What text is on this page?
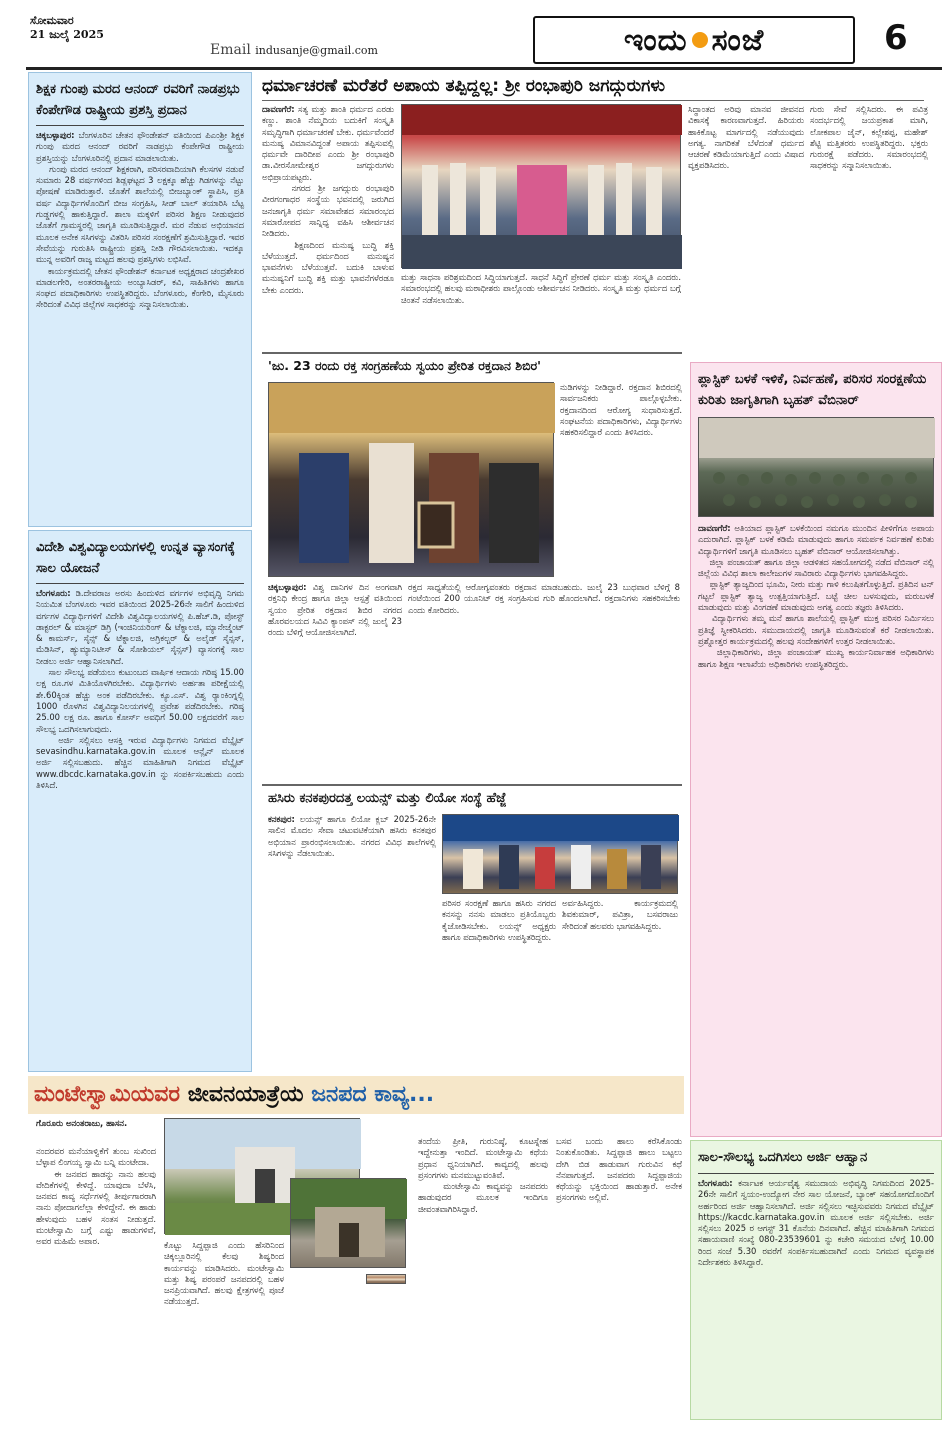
ಸೋಮವಾರ
21 ಜುಲೈ 2025
Email indusanje@gmail.com	ಇಂದು ಸಂಜೆ	6
ಶಿಕ್ಷಕ ಗುಂಪು ಮರದ ಆನಂದ್ ರವರಿಗೆ ನಾಡಪ್ರಭು ಕೆಂಪೇಗೌಡ ರಾಷ್ಟ್ರೀಯ ಪ್ರಶಸ್ತಿ ಪ್ರದಾನ
ಚಿಕ್ಕಬಳ್ಳಾಪುರ: ಬೆಂಗಳೂರಿನ ಚೇತನ ಫೌಂಡೇಶನ್ ವತಿಯಿಂದ ಪಿಎಂಶ್ರೀ ಶಿಕ್ಷಕ ಗುಂಪು ಮರದ ಆನಂದ್ ರವರಿಗೆ ನಾಡಪ್ರಭು ಕೆಂಪೇಗೌಡ ರಾಷ್ಟ್ರೀಯ ಪ್ರಶಸ್ತಿಯನ್ನು ಬೆಂಗಳೂರಿನಲ್ಲಿ ಪ್ರದಾನ ಮಾಡಲಾಯಿತು.
ಗುಂಪು ಮರದ ಆನಂದ್ ಶಿಕ್ಷಕರಾಗಿ, ಪರಿಸರವಾದಿಯಾಗಿ ಕೆಲಸಗಳ ನಡುವೆ ಸುಮಾರು 28 ವರ್ಷಗಳಿಂದ ಶಿಡ್ಲಘಟ್ಟದ 3 ಲಕ್ಷಕ್ಕೂ ಹೆಚ್ಚು ಗಿಡಗಳನ್ನು ನೆಟ್ಟು ಪೋಷಣೆ ಮಾಡಿರುತ್ತಾರೆ. ಜೊತೆಗೆ ಶಾಲೆಯಲ್ಲಿ ಬೀಜಬ್ಯಾಂಕ್ ಸ್ಥಾಪಿಸಿ, ಪ್ರತಿ ವರ್ಷ ವಿದ್ಯಾರ್ಥಿಗಳೊಂದಿಗೆ ಬೀಜ ಸಂಗ್ರಹಿಸಿ, ಸೀಡ್ ಬಾಲ್ ತಯಾರಿಸಿ ಬೆಟ್ಟ ಗುಡ್ಡಗಳಲ್ಲಿ ಹಾಕುತ್ತಿದ್ದಾರೆ. ಶಾಲಾ ಮಕ್ಕಳಿಗೆ ಪರಿಸರ ಶಿಕ್ಷಣ ನೀಡುವುದರ ಜೊತೆಗೆ ಗ್ರಾಮಸ್ಥರಲ್ಲಿ ಜಾಗೃತಿ ಮೂಡಿಸುತ್ತಿದ್ದಾರೆ. ಮರ ನೆಡುವ ಅಭಿಯಾನದ ಮೂಲಕ ಅನೇಕ ಸಸಿಗಳನ್ನು ವಿತರಿಸಿ ಪರಿಸರ ಸಂರಕ್ಷಣೆಗೆ ಶ್ರಮಿಸುತ್ತಿದ್ದಾರೆ. ಇವರ ಸೇವೆಯನ್ನು ಗುರುತಿಸಿ ರಾಷ್ಟ್ರೀಯ ಪ್ರಶಸ್ತಿ ನೀಡಿ ಗೌರವಿಸಲಾಯಿತು. ಇದಕ್ಕೂ ಮುನ್ನ ಅವರಿಗೆ ರಾಜ್ಯ ಮಟ್ಟದ ಹಲವು ಪ್ರಶಸ್ತಿಗಳು ಲಭಿಸಿವೆ.
ಕಾರ್ಯಕ್ರಮದಲ್ಲಿ ಚೇತನ ಫೌಂಡೇಶನ್ ಕರ್ನಾಟಕ ಅಧ್ಯಕ್ಷರಾದ ಚಂದ್ರಶೇಖರ ಮಾಡಲಗೇರಿ, ಅಂತರರಾಷ್ಟ್ರೀಯ ಅಂಬ್ಯಾಸಿಡರ್, ಕವಿ, ಸಾಹಿತಿಗಳು ಹಾಗೂ ಸಂಘದ ಪದಾಧಿಕಾರಿಗಳು ಉಪಸ್ಥಿತರಿದ್ದರು. ಬೆಂಗಳೂರು, ಕೆಂಗೇರಿ, ಮೈಸೂರು ಸೇರಿದಂತೆ ವಿವಿಧ ಜಿಲ್ಲೆಗಳ ಸಾಧಕರನ್ನು ಸನ್ಮಾನಿಸಲಾಯಿತು.
ವಿದೇಶಿ ವಿಶ್ವವಿದ್ಯಾಲಯಗಳಲ್ಲಿ ಉನ್ನತ ವ್ಯಾಸಂಗಕ್ಕೆ ಸಾಲ ಯೋಜನೆ
ಬೆಂಗಳೂರು: ಡಿ.ದೇವರಾಜ ಅರಸು ಹಿಂದುಳಿದ ವರ್ಗಗಳ ಅಭಿವೃದ್ಧಿ ನಿಗಮ ನಿಯಮಿತ ಬೆಂಗಳೂರು ಇವರ ವತಿಯಿಂದ 2025-26ನೇ ಸಾಲಿಗೆ ಹಿಂದುಳಿದ ವರ್ಗಗಳ ವಿದ್ಯಾರ್ಥಿಗಳಿಗೆ ವಿದೇಶಿ ವಿಶ್ವವಿದ್ಯಾಲಯಗಳಲ್ಲಿ ಪಿ.ಹೆಚ್.ಡಿ, ಪೋಸ್ಟ್ ಡಾಕ್ಟರಲ್ & ಮಾಸ್ಟರ್ ಡಿಗ್ರಿ (ಇಂಜಿನಿಯರಿಂಗ್ & ಟೆಕ್ನಾಲಜಿ, ಮ್ಯಾನೇಜ್ಮೆಂಟ್ & ಕಾಮರ್ಸ್, ಸೈನ್ಸ್ & ಟೆಕ್ನಾಲಜಿ, ಅಗ್ರಿಕಲ್ಚರ್ & ಅಲೈಡ್ ಸೈನ್ಸಸ್, ಮೆಡಿಸಿನ್, ಹ್ಯುಮ್ಯಾನಿಟೀಸ್ & ಸೋಶಿಯಲ್ ಸೈನ್ಸಸ್) ವ್ಯಾಸಂಗಕ್ಕೆ ಸಾಲ ನೀಡಲು ಅರ್ಜಿ ಆಹ್ವಾನಿಸಲಾಗಿದೆ.
ಸಾಲ ಸೌಲಭ್ಯ ಪಡೆಯಲು ಕುಟುಂಬದ ವಾರ್ಷಿಕ ಆದಾಯ ಗರಿಷ್ಠ 15.00 ಲಕ್ಷ ರೂ.ಗಳ ಮಿತಿಯೊಳಗಿರಬೇಕು. ವಿದ್ಯಾರ್ಥಿಗಳು ಅರ್ಹತಾ ಪರೀಕ್ಷೆಯಲ್ಲಿ ಶೇ.60ಕ್ಕಿಂತ ಹೆಚ್ಚು ಅಂಕ ಪಡೆದಿರಬೇಕು. ಕ್ಯೂ.ಎಸ್. ವಿಶ್ವ ರ್‍ಯಾಂಕಿಂಗ್ನಲ್ಲಿ 1000 ರೊಳಗಿನ ವಿಶ್ವವಿದ್ಯಾನಿಲಯಗಳಲ್ಲಿ ಪ್ರವೇಶ ಪಡೆದಿರಬೇಕು. ಗರಿಷ್ಠ 25.00 ಲಕ್ಷ ರೂ. ಹಾಗೂ ಕೋರ್ಸ್ ಅವಧಿಗೆ 50.00 ಲಕ್ಷದವರೆಗೆ ಸಾಲ ಸೌಲಭ್ಯ ಒದಗಿಸಲಾಗುವುದು.
ಅರ್ಜಿ ಸಲ್ಲಿಸಲು ಆಸಕ್ತಿ ಇರುವ ವಿದ್ಯಾರ್ಥಿಗಳು ನಿಗಮದ ವೆಬ್ಸೈಟ್ sevasindhu.karnataka.gov.in ಮೂಲಕ ಆನ್ಲೈನ್ ಮೂಲಕ ಅರ್ಜಿ ಸಲ್ಲಿಸಬಹುದು. ಹೆಚ್ಚಿನ ಮಾಹಿತಿಗಾಗಿ ನಿಗಮದ ವೆಬ್ಸೈಟ್ www.dbcdc.karnataka.gov.in ನ್ನು ಸಂಪರ್ಕಿಸಬಹುದು ಎಂದು ತಿಳಿಸಿದೆ.
ಧರ್ಮಾಚರಣೆ ಮರೆತರೆ ಅಪಾಯ ತಪ್ಪಿದ್ದಲ್ಲ: ಶ್ರೀ ರಂಭಾಪುರಿ ಜಗದ್ಗುರುಗಳು
ದಾವಣಗೆರೆ: ಸತ್ಯ ಮತ್ತು ಶಾಂತಿ ಧರ್ಮದ ಎರಡು ಕಣ್ಣು. ಶಾಂತಿ ನೆಮ್ಮದಿಯ ಬದುಕಿಗೆ ಸಂಸ್ಕೃತಿ ಸಮೃದ್ಧಿಗಾಗಿ ಧರ್ಮಾಚರಣೆ ಬೇಕು. ಧರ್ಮವೆಂದರೆ ಮನುಷ್ಯ ವಿಮಾನವಿದ್ದಂತೆ ಅಪಾಯ ತಪ್ಪಿಸುವಲ್ಲಿ ಧರ್ಮವೇ ದಾರಿದೀಪ ಎಂದು ಶ್ರೀ ರಂಭಾಪುರಿ ಡಾ.ವೀರಸೋಮೇಶ್ವರ ಜಗದ್ಗುರುಗಳು ಅಭಿಪ್ರಾಯಪಟ್ಟರು.
ನಗರದ ಶ್ರೀ ಜಗದ್ಗುರು ರಂಭಾಪುರಿ ವೀರಗಂಗಾಧರ ಸಂಸ್ಥೆಯ ಭವನದಲ್ಲಿ ಜರುಗಿದ ಜನಜಾಗೃತಿ ಧರ್ಮ ಸಮಾವೇಶದ ಸಮಾರಂಭದ ಸಮಾರೋಪದ ಸಾನ್ನಿಧ್ಯ ವಹಿಸಿ ಆಶೀರ್ವಚನ ನೀಡಿದರು.
ಶಿಕ್ಷಣದಿಂದ ಮನುಷ್ಯ ಬುದ್ಧಿ ಶಕ್ತಿ ಬೆಳೆಯುತ್ತದೆ. ಧರ್ಮದಿಂದ ಮನುಷ್ಯನ ಭಾವನೆಗಳು ಬೆಳೆಯುತ್ತವೆ. ಬದುಕಿ ಬಾಳುವ ಮನುಷ್ಯನಿಗೆ ಬುದ್ಧಿ ಶಕ್ತಿ ಮತ್ತು ಭಾವನೆಗಳೆರಡೂ ಬೇಕು ಎಂದರು.
ಮತ್ತು ಸಾಧನಾ ಪರಿಶ್ರಮದಿಂದ ಸಿದ್ಧಿಯಾಗುತ್ತದೆ. ಸಾಧನೆ ಸಿದ್ಧಿಗೆ ಪ್ರೇರಣೆ ಧರ್ಮ ಮತ್ತು ಸಂಸ್ಕೃತಿ ಎಂದರು. ಸಮಾರಂಭದಲ್ಲಿ ಹಲವು ಮಠಾಧೀಶರು ಪಾಲ್ಗೊಂಡು ಆಶೀರ್ವಚನ ನೀಡಿದರು. ಸಂಸ್ಕೃತಿ ಮತ್ತು ಧರ್ಮದ ಬಗ್ಗೆ ಚಿಂತನೆ ನಡೆಸಲಾಯಿತು.
ಸಿದ್ಧಾಂತದ ಅರಿವು ಮಾನವ ಜೀವನದ ವಿಕಾಸಕ್ಕೆ ಕಾರಣವಾಗುತ್ತದೆ. ಹಿರಿಯರು ಹಾಕಿಕೊಟ್ಟ ಮಾರ್ಗದಲ್ಲಿ ನಡೆಯುವುದು ಅಗತ್ಯ. ನಾಗರಿಕತೆ ಬೆಳೆದಂತೆ ಧರ್ಮದ ಆಚರಣೆ ಕಡಿಮೆಯಾಗುತ್ತಿದೆ ಎಂದು ವಿಷಾದ ವ್ಯಕ್ತಪಡಿಸಿದರು.
ಗುರು ಸೇವೆ ಸಲ್ಲಿಸಿದರು. ಈ ಪವಿತ್ರ ಸಂದರ್ಭದಲ್ಲಿ ಜಯಪ್ರಕಾಶ ಮಾಗಿ, ಲೋಕಪಾಲ ಜೈನ್, ಕಲ್ಲೇಶಪ್ಪ, ಮಹೇಶ್ ಶೆಟ್ಟಿ ಮತ್ತಿತರರು ಉಪಸ್ಥಿತರಿದ್ದರು. ಭಕ್ತರು ಗುರುರಕ್ಷೆ ಪಡೆದರು. ಸಮಾರಂಭದಲ್ಲಿ ಸಾಧಕರನ್ನು ಸನ್ಮಾನಿಸಲಾಯಿತು.
'ಜು. 23 ರಂದು ರಕ್ತ ಸಂಗ್ರಹಣೆಯ ಸ್ವಯಂ ಪ್ರೇರಿತ ರಕ್ತದಾನ ಶಿಬಿರ'
ನುಡಿಗಳನ್ನು ನೀಡಿದ್ದಾರೆ. ರಕ್ತದಾನ ಶಿಬಿರದಲ್ಲಿ ಸಾರ್ವಜನಿಕರು ಪಾಲ್ಗೊಳ್ಳಬೇಕು. ರಕ್ತದಾನದಿಂದ ಆರೋಗ್ಯ ಸುಧಾರಿಸುತ್ತದೆ. ಸಂಘಟನೆಯ ಪದಾಧಿಕಾರಿಗಳು, ವಿದ್ಯಾರ್ಥಿಗಳು ಸಹಕರಿಸಲಿದ್ದಾರೆ ಎಂದು ತಿಳಿಸಿದರು.
ಚಿಕ್ಕಬಳ್ಳಾಪುರ: ವಿಶ್ವ ದಾನಿಗಳ ದಿನ ಅಂಗವಾಗಿ ರಕ್ತನಿಧಿ ಕೇಂದ್ರ ಹಾಗೂ ಜಿಲ್ಲಾ ಆಸ್ಪತ್ರೆ ವತಿಯಿಂದ ಸ್ವಯಂ ಪ್ರೇರಿತ ರಕ್ತದಾನ ಶಿಬಿರ ನಗರದ ಹೊರವಲಯದ ಸಿವಿವಿ ಕ್ಯಾಂಪಸ್ ನಲ್ಲಿ ಜುಲೈ 23 ರಂದು ಬೆಳಿಗ್ಗೆ ಆಯೋಜಿಸಲಾಗಿದೆ.
ರಕ್ತದ ಸಾಧ್ಯತೆಯಲ್ಲಿ ಆರೋಗ್ಯವಂತರು ರಕ್ತದಾನ ಮಾಡಬಹುದು. ಜುಲೈ 23 ಬುಧವಾರ ಬೆಳಿಗ್ಗೆ 8 ಗಂಟೆಯಿಂದ 200 ಯೂನಿಟ್ ರಕ್ತ ಸಂಗ್ರಹಿಸುವ ಗುರಿ ಹೊಂದಲಾಗಿದೆ. ರಕ್ತದಾನಿಗಳು ಸಹಕರಿಸಬೇಕು ಎಂದು ಕೋರಿದರು.
ಹಸಿರು ಕನಕಪುರದತ್ತ ಲಯನ್ಸ್ ಮತ್ತು ಲಿಯೋ ಸಂಸ್ಥೆ ಹೆಜ್ಜೆ
ಕನಕಪುರ: ಲಯನ್ಸ್ ಹಾಗೂ ಲಿಯೋ ಕ್ಲಬ್ 2025-26ನೇ ಸಾಲಿನ ಮೊದಲ ಸೇವಾ ಚಟುವಟಿಕೆಯಾಗಿ ಹಸಿರು ಕನಕಪುರ ಅಭಿಯಾನ ಪ್ರಾರಂಭಿಸಲಾಯಿತು. ನಗರದ ವಿವಿಧ ಶಾಲೆಗಳಲ್ಲಿ ಸಸಿಗಳನ್ನು ನೆಡಲಾಯಿತು.
ಪರಿಸರ ಸಂರಕ್ಷಣೆ ಹಾಗೂ ಹಸಿರು ನಗರದ ಕನಸನ್ನು ನನಸು ಮಾಡಲು ಪ್ರತಿಯೊಬ್ಬರು ಕೈಜೋಡಿಸಬೇಕು. ಲಯನ್ಸ್ ಅಧ್ಯಕ್ಷರು ಹಾಗೂ ಪದಾಧಿಕಾರಿಗಳು ಉಪಸ್ಥಿತರಿದ್ದರು.
ಅರ್ವಹಿಸಿದ್ದರು. ಕಾರ್ಯಕ್ರಮದಲ್ಲಿ ಶಿವಕುಮಾರ್, ಪವಿತ್ರಾ, ಬಸವರಾಜು ಸೇರಿದಂತೆ ಹಲವರು ಭಾಗವಹಿಸಿದ್ದರು.
ಪ್ಲಾಸ್ಟಿಕ್ ಬಳಕೆ ಇಳಿಕೆ, ನಿರ್ವಹಣೆ, ಪರಿಸರ ಸಂರಕ್ಷಣೆಯ ಕುರಿತು ಜಾಗೃತಿಗಾಗಿ ಬೃಹತ್ ವೆಬಿನಾರ್
ದಾವಣಗೆರೆ: ಅತಿಯಾದ ಪ್ಲಾಸ್ಟಿಕ್ ಬಳಕೆಯಿಂದ ನಮಗೂ ಮುಂದಿನ ಪೀಳಿಗೆಗೂ ಅಪಾಯ ಎದುರಾಗಿದೆ. ಪ್ಲಾಸ್ಟಿಕ್ ಬಳಕೆ ಕಡಿಮೆ ಮಾಡುವುದು ಹಾಗೂ ಸಮರ್ಪಕ ನಿರ್ವಹಣೆ ಕುರಿತು ವಿದ್ಯಾರ್ಥಿಗಳಿಗೆ ಜಾಗೃತಿ ಮೂಡಿಸಲು ಬೃಹತ್ ವೆಬಿನಾರ್ ಆಯೋಜಿಸಲಾಗಿತ್ತು.
ಜಿಲ್ಲಾ ಪಂಚಾಯತ್ ಹಾಗೂ ಜಿಲ್ಲಾ ಆಡಳಿತದ ಸಹಯೋಗದಲ್ಲಿ ನಡೆದ ವೆಬಿನಾರ್ ನಲ್ಲಿ ಜಿಲ್ಲೆಯ ವಿವಿಧ ಶಾಲಾ ಕಾಲೇಜುಗಳ ಸಾವಿರಾರು ವಿದ್ಯಾರ್ಥಿಗಳು ಭಾಗವಹಿಸಿದ್ದರು.
ಪ್ಲಾಸ್ಟಿಕ್ ತ್ಯಾಜ್ಯದಿಂದ ಭೂಮಿ, ನೀರು ಮತ್ತು ಗಾಳಿ ಕಲುಷಿತಗೊಳ್ಳುತ್ತಿದೆ. ಪ್ರತಿದಿನ ಟನ್ ಗಟ್ಟಲೆ ಪ್ಲಾಸ್ಟಿಕ್ ತ್ಯಾಜ್ಯ ಉತ್ಪತ್ತಿಯಾಗುತ್ತಿದೆ. ಬಟ್ಟೆ ಚೀಲ ಬಳಸುವುದು, ಮರುಬಳಕೆ ಮಾಡುವುದು ಮತ್ತು ವಿಂಗಡಣೆ ಮಾಡುವುದು ಅಗತ್ಯ ಎಂದು ತಜ್ಞರು ತಿಳಿಸಿದರು.
ವಿದ್ಯಾರ್ಥಿಗಳು ತಮ್ಮ ಮನೆ ಹಾಗೂ ಶಾಲೆಯಲ್ಲಿ ಪ್ಲಾಸ್ಟಿಕ್ ಮುಕ್ತ ಪರಿಸರ ನಿರ್ಮಿಸಲು ಪ್ರತಿಜ್ಞೆ ಸ್ವೀಕರಿಸಿದರು. ಸಮುದಾಯದಲ್ಲಿ ಜಾಗೃತಿ ಮೂಡಿಸುವಂತೆ ಕರೆ ನೀಡಲಾಯಿತು. ಪ್ರಶ್ನೋತ್ತರ ಕಾರ್ಯಕ್ರಮದಲ್ಲಿ ಹಲವು ಸಂದೇಹಗಳಿಗೆ ಉತ್ತರ ನೀಡಲಾಯಿತು.
ಜಿಲ್ಲಾಧಿಕಾರಿಗಳು, ಜಿಲ್ಲಾ ಪಂಚಾಯತ್ ಮುಖ್ಯ ಕಾರ್ಯನಿರ್ವಾಹಕ ಅಧಿಕಾರಿಗಳು ಹಾಗೂ ಶಿಕ್ಷಣ ಇಲಾಖೆಯ ಅಧಿಕಾರಿಗಳು ಉಪಸ್ಥಿತರಿದ್ದರು.
ಸಾಲ-ಸೌಲಭ್ಯ ಒದಗಿಸಲು ಅರ್ಜಿ ಆಹ್ವಾನ
ಬೆಂಗಳೂರು: ಕರ್ನಾಟಕ ಆರ್ಯವೈಶ್ಯ ಸಮುದಾಯ ಅಭಿವೃದ್ಧಿ ನಿಗಮದಿಂದ 2025-26ನೇ ಸಾಲಿಗೆ ಸ್ವಯಂ-ಉದ್ಯೋಗ ನೇರ ಸಾಲ ಯೋಜನೆ, ಬ್ಯಾಂಕ್ ಸಹಯೋಗದೊಂದಿಗೆ ಅರ್ಹರಿಂದ ಅರ್ಜಿ ಆಹ್ವಾನಿಸಲಾಗಿದೆ. ಅರ್ಜಿ ಸಲ್ಲಿಸಲು ಇಚ್ಛಿಸುವವರು ನಿಗಮದ ವೆಬ್ಸೈಟ್ https://kacdc.karnataka.gov.in ಮೂಲಕ ಅರ್ಜಿ ಸಲ್ಲಿಸಬೇಕು. ಅರ್ಜಿ ಸಲ್ಲಿಸಲು 2025 ರ ಆಗಸ್ಟ್ 31 ಕೊನೆಯ ದಿನವಾಗಿದೆ. ಹೆಚ್ಚಿನ ಮಾಹಿತಿಗಾಗಿ ನಿಗಮದ ಸಹಾಯವಾಣಿ ಸಂಖ್ಯೆ 080-23539601 ನ್ನು ಕಚೇರಿ ಸಮಯದ ಬೆಳಗ್ಗೆ 10.00 ರಿಂದ ಸಂಜೆ 5.30 ರವರೆಗೆ ಸಂಪರ್ಕಿಸಬಹುದಾಗಿದೆ ಎಂದು ನಿಗಮದ ವ್ಯವಸ್ಥಾಪಕ ನಿರ್ದೇಶಕರು ತಿಳಿಸಿದ್ದಾರೆ.
ಮಂಟೇಸ್ವಾಮಿಯವರ ಜೀವನಯಾತ್ರೆಯ ಜನಪದ ಕಾವ್ಯ...
ಗೊರೂರು ಅನಂತರಾಜು, ಹಾಸನ.
ನಂದರವರ ಮನೆಯಾಳ್ವಿಕೆಗೆ ತುಂಬ ಸುಖಿಂದ ಬೆಳ್ಳಾಪ ಲಿಂಗಯ್ಯ ಸ್ವಾಮಿ ಬನ್ನಿ ಮಂಟೇದಾ.
ಈ ಜನಪದ ಹಾಡನ್ನು ನಾನು ಹಲವು ವೇದಿಕೆಗಳಲ್ಲಿ ಕೇಳಿದ್ದೆ. ಯಾವುದಾ ಬೆಳೆಸಿ, ಜನಪದ ಕಾವ್ಯ ಸರ್ಧೆಗಳಲ್ಲಿ ತೀರ್ಪುಗಾರರಾಗಿ ನಾನು ಪೋದಾಗಲೆಲ್ಲಾ ಕೇಳಿದ್ದೇನೆ. ಈ ಹಾಡು ಹೇಳುವುದು ಬಹಳ ಸಂತಸ ನೀಡುತ್ತದೆ. ಮಂಟೇಸ್ವಾಮಿ ಬಗ್ಗೆ ಎಷ್ಟು ಹಾಡುಗಳಿವೆ, ಅವರ ಮಹಿಮೆ ಅಪಾರ.	ಕೊಟ್ಟು ಸಿದ್ದಪ್ಪಾಜಿ ಎಂದು ಹೆಸರಿನಿಂದ ಚಿಕ್ಕಲ್ಲೂರಿನಲ್ಲಿ ಕೆಲವು ಶಿಷ್ಯರಿಂದ ಕಾರ್ಯವನ್ನು ಮಾಡಿಸಿದರು. ಮಂಟೇಸ್ವಾಮಿ ಮತ್ತು ಶಿಷ್ಯ ಪರಂಪರೆ ಜನಪದರಲ್ಲಿ ಬಹಳ ಜನಪ್ರಿಯವಾಗಿದೆ. ಹಲವು ಕ್ಷೇತ್ರಗಳಲ್ಲಿ ಪೂಜೆ ನಡೆಯುತ್ತದೆ.
ತಂದೆಯ ಪ್ರೀತಿ, ಗುರುನಿಷ್ಠೆ, ಕೂಟಸ್ನೇಹ ಇದ್ದೇನುತ್ತಾ ಇಂದಿದೆ. ಮಂಟೇಸ್ವಾಮಿ ಕಥೆಯ ಪ್ರಧಾನ ಧ್ವನಿಯಾಗಿದೆ. ಕಾವ್ಯದಲ್ಲಿ ಹಲವು ಪ್ರಸಂಗಗಳು ಮನಮುಟ್ಟುವಂತಿವೆ.
ಮಂಟೇಸ್ವಾಮಿ ಕಾವ್ಯವನ್ನು ಜನಪದರು ಹಾಡುವುದರ ಮೂಲಕ ಇಂದಿಗೂ ಜೀವಂತವಾಗಿರಿಸಿದ್ದಾರೆ.
ಬಸವ ಬಂದು ಹಾಲು ಕರೆಸಿಕೊಂಡು ನಿಂತುಕೊಂಡಿತು. ಸಿದ್ದಪ್ಪಾಜಿ ಹಾಲು ಬಟ್ಟಲು ದೇಗಿ ಬಿಡ ಹಾಡುವಾಗ ಗುರುವಿನ ಕಥೆ ನೆನಪಾಗುತ್ತದೆ. ಜನಪದರು ಸಿದ್ದಪ್ಪಾಜಿಯ ಕಥೆಯನ್ನು ಭಕ್ತಿಯಿಂದ ಹಾಡುತ್ತಾರೆ. ಅನೇಕ ಪ್ರಸಂಗಗಳು ಅಲ್ಲಿವೆ.
